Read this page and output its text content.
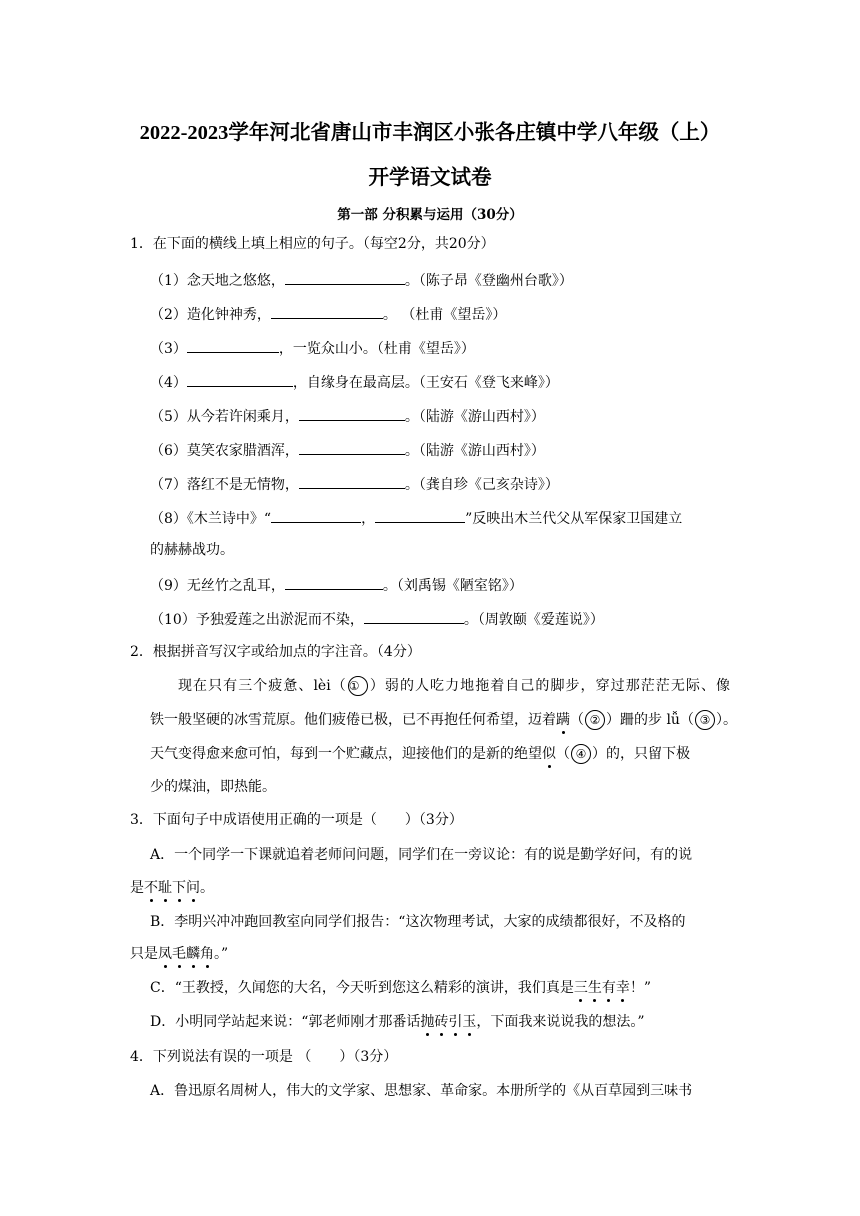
2022-2023学年河北省唐山市丰润区小张各庄镇中学八年级（上）
开学语文试卷
第一部 分积累与运用（30分）
1．在下面的横线上填上相应的句子。（每空2分，共20分）
（1）念天地之悠悠，	。（陈子昂《登幽州台歌》）
（2）造化钟神秀，	。 （杜甫《望岳》）
（3）	，一览众山小。（杜甫《望岳》）
（4）	，自缘身在最高层。（王安石《登飞来峰》）
（5）从今若许闲乘月，	。（陆游《游山西村》）
（6）莫笑农家腊酒浑，	。（陆游《游山西村》）
（7）落红不是无情物，	。（龚自珍《己亥杂诗》）
（8）《木兰诗中》“	，	”反映出木兰代父从军保家卫国建立
的赫赫战功。
（9）无丝竹之乱耳，	。（刘禹锡《陋室铭》）
（10）予独爱莲之出淤泥而不染，	。（周敦颐《爱莲说》）
2．根据拼音写汉字或给加点的字注音。（4分）
现在只有三个疲惫、lèi（ ① ）弱的人吃力地拖着自己的脚步，穿过那茫茫无际、像
铁一般坚硬的冰雪荒原。他们疲倦已极，已不再抱任何希望，迈着蹒（ ② ）跚的步 lǚ（ ③ ）。
天气变得愈来愈可怕，每到一个贮藏点，迎接他们的是新的绝望似（ ④ ）的，只留下极
少的煤油，即热能。
3．下面句子中成语使用正确的一项是（　　）（3分）
A．一个同学一下课就追着老师问问题，同学们在一旁议论：有的说是勤学好问，有的说
是不耻下问。
B．李明兴冲冲跑回教室向同学们报告：“这次物理考试，大家的成绩都很好，不及格的
只是凤毛麟角。”
C．“王教授，久闻您的大名，今天听到您这么精彩的演讲，我们真是三生有幸！”
D．小明同学站起来说：“郭老师刚才那番话抛砖引玉，下面我来说说我的想法。”
4．下列说法有误的一项是 （　　）（3分）
A．鲁迅原名周树人，伟大的文学家、思想家、革命家。本册所学的《从百草园到三味书
